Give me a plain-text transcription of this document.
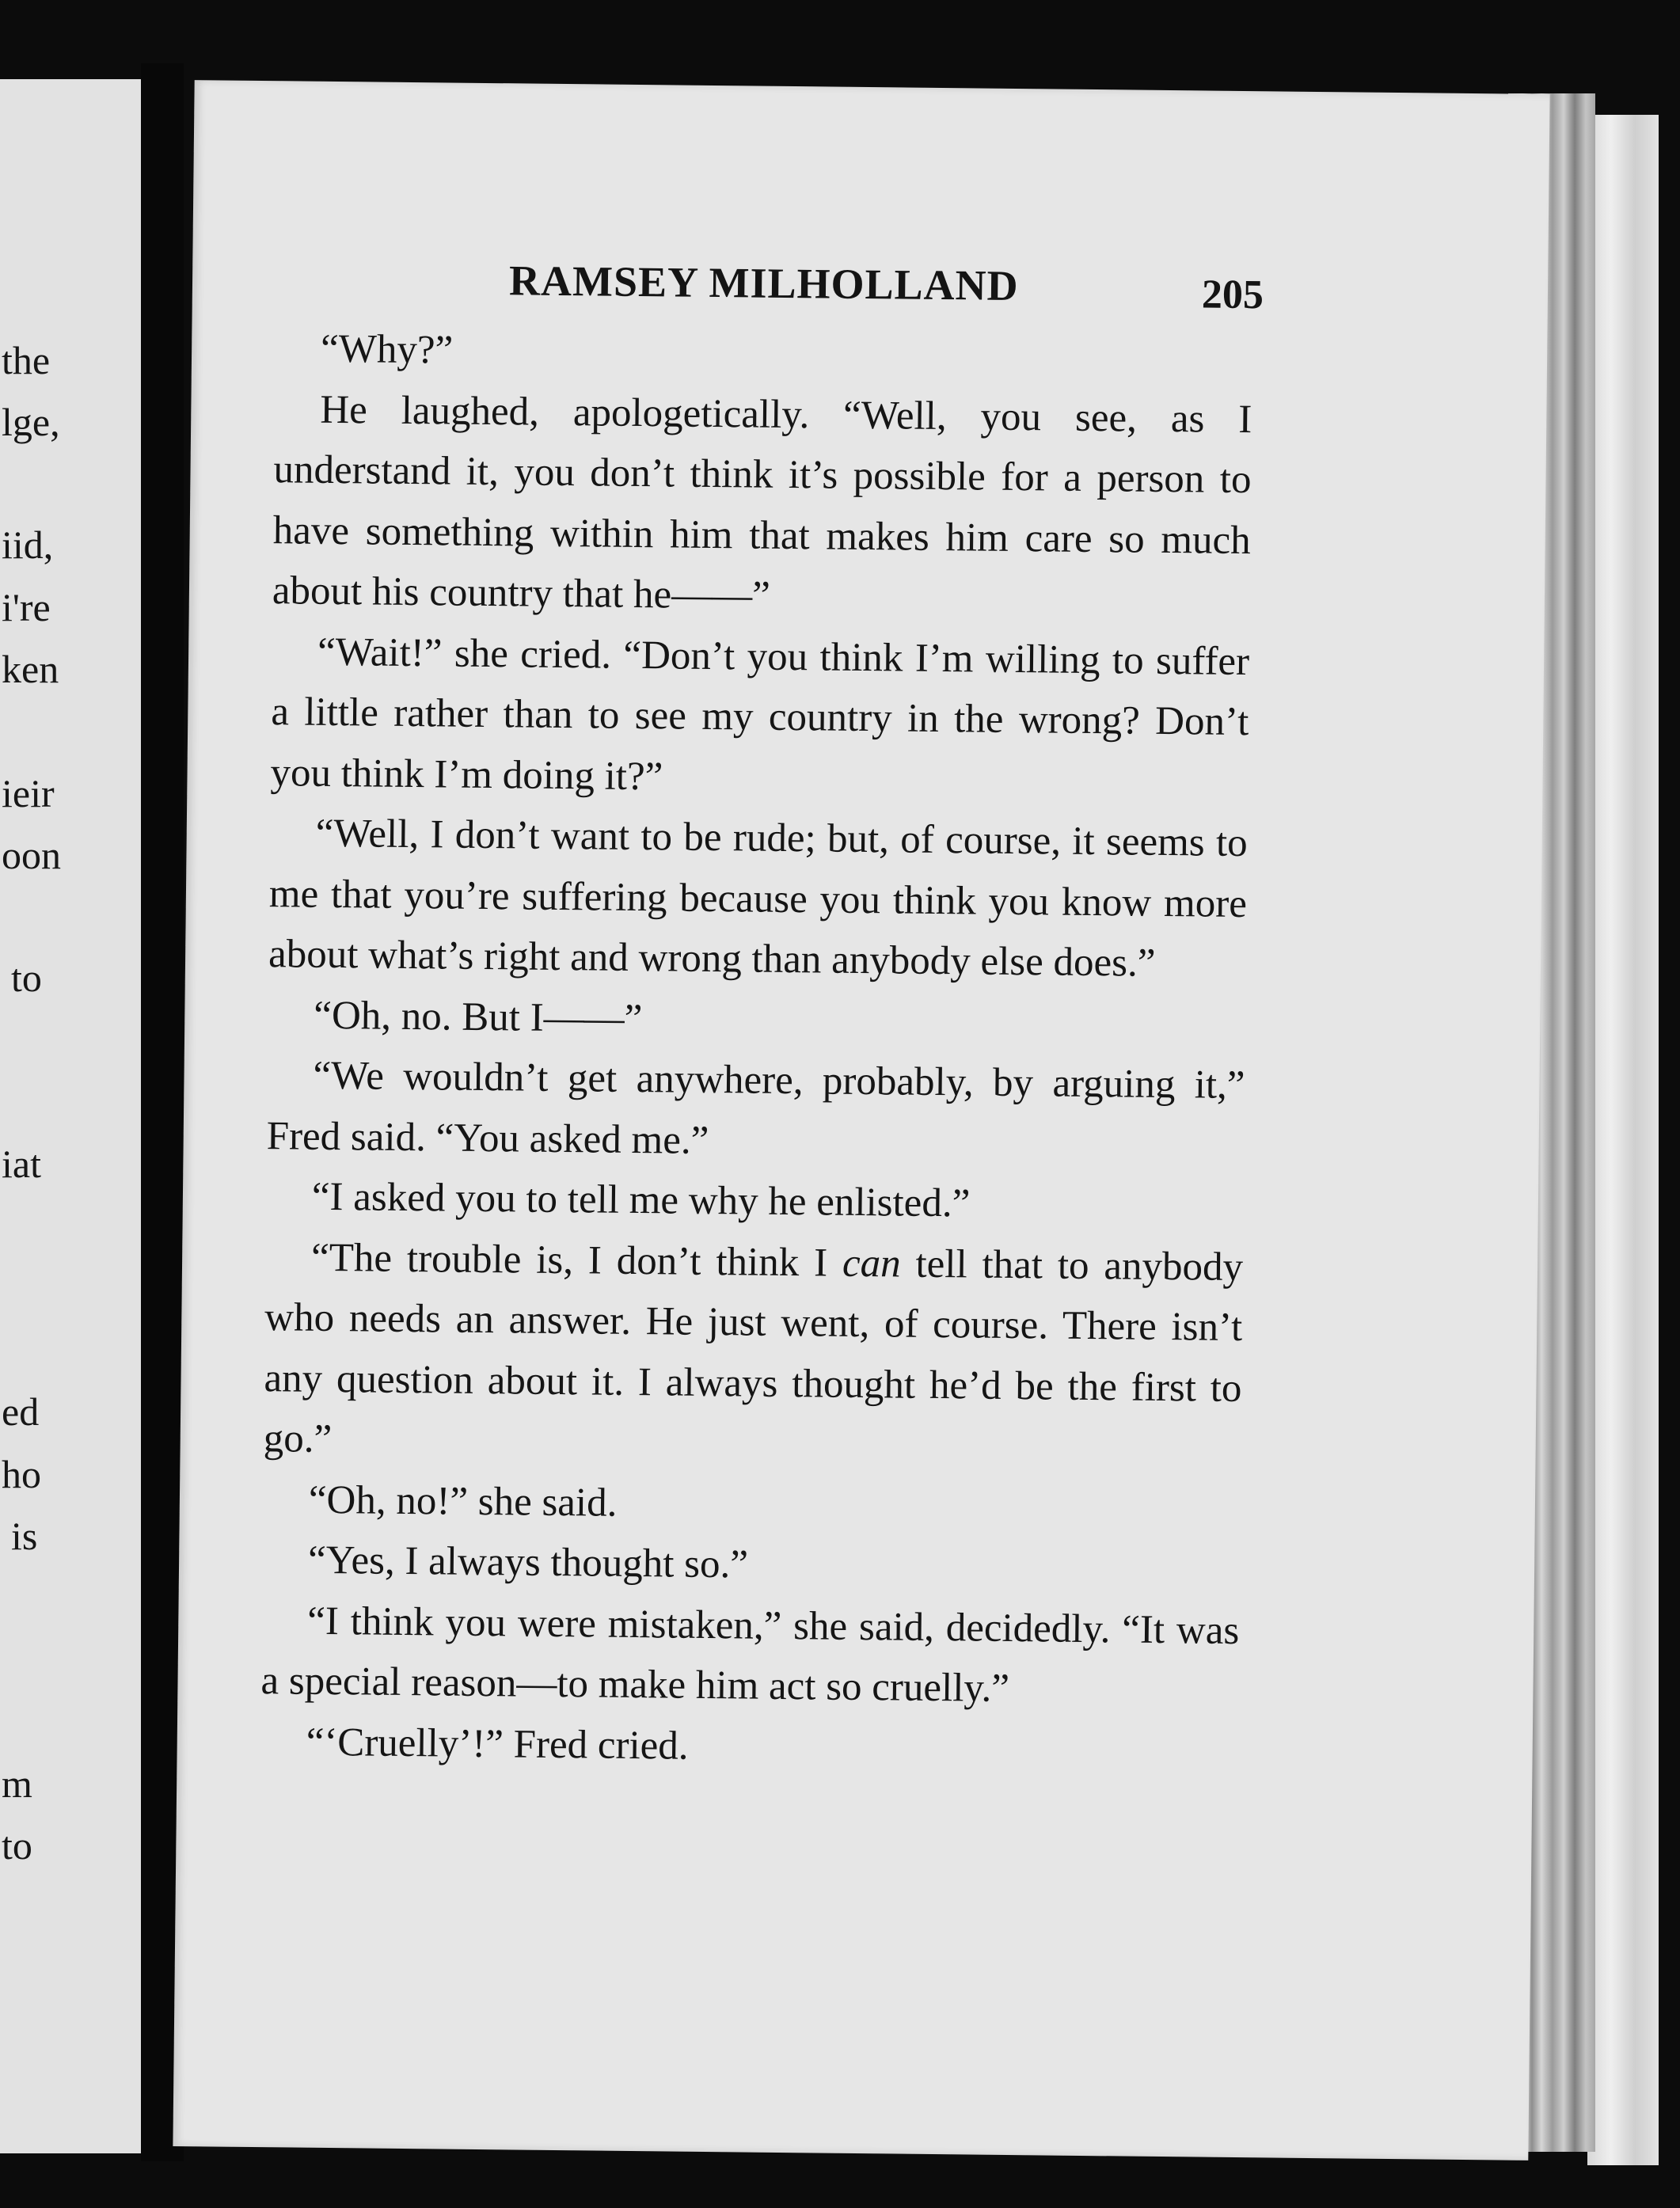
the
lge,
iid,
i're
ken
ieir
oon
to
iat
ed
ho
is
m
to
RAMSEY MILHOLLAND	205

“Why?”

He laughed, apologetically. “Well, you see, as I understand it, you don’t think it’s possible for a person to have something within him that makes him care so much about his country that he——”

“Wait!” she cried. “Don’t you think I’m willing to suffer a little rather than to see my country in the wrong? Don’t you think I’m doing it?”

“Well, I don’t want to be rude; but, of course, it seems to me that you’re suffering because you think you know more about what’s right and wrong than anybody else does.”

“Oh, no. But I——”

“We wouldn’t get anywhere, probably, by arguing it,” Fred said. “You asked me.”

“I asked you to tell me why he enlisted.”

“The trouble is, I don’t think I can tell that to anybody who needs an answer. He just went, of course. There isn’t any question about it. I always thought he’d be the first to go.”

“Oh, no!” she said.

“Yes, I always thought so.”

“I think you were mistaken,” she said, decidedly. “It was a special reason—to make him act so cruelly.”

“‘Cruelly’!” Fred cried.
